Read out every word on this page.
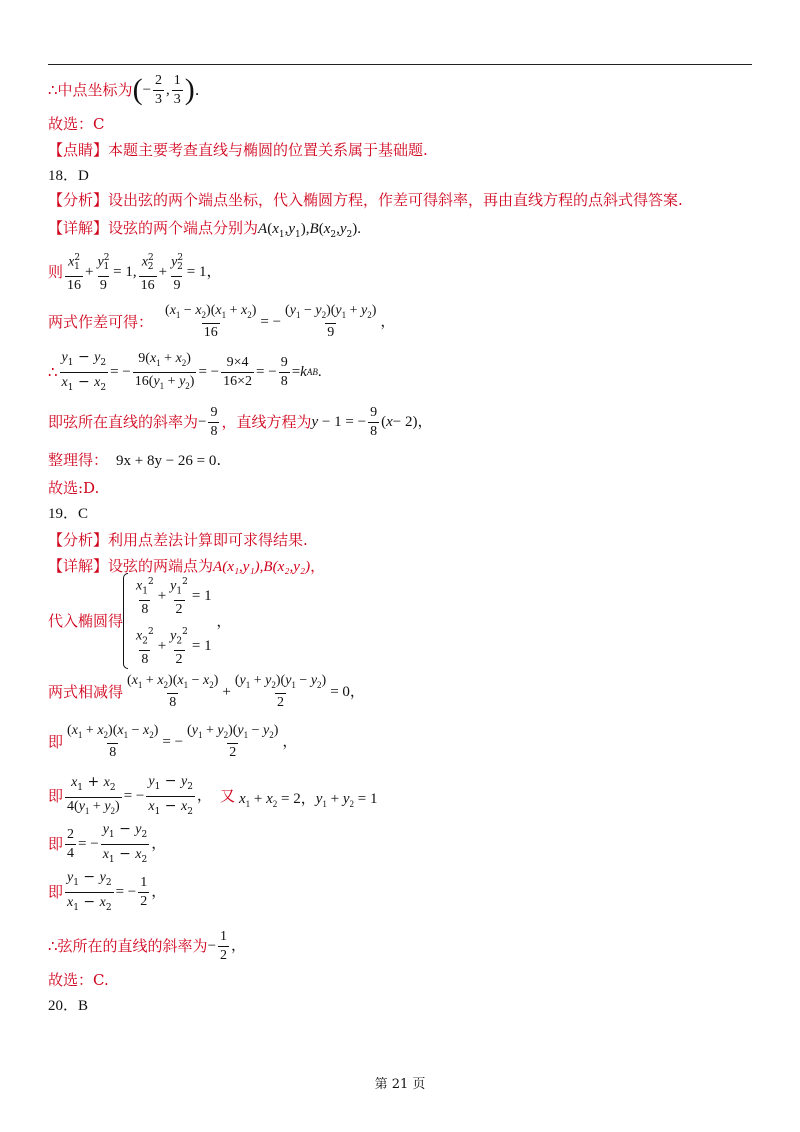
∴ 中点坐标为 ( − $\frac{2}{3}$ , $\frac{1}{3}$ ) .
故选：C
【点睛】本题主要考查直线与椭圆的位置关系属于基础题.
18．D
【分析】设出弦的两个端点坐标，代入椭圆方程，作差可得斜率，再由直线方程的点斜式得答案.
【详解】设弦的两个端点分别为$A(x_1,y_1),B(x_2,y_2)$.
则 $\frac{x^2_1}{16} + \frac{y^2_1}{9} = 1$, $\frac{x^2_2}{16} + \frac{y^2_2}{9} = 1$，
两式作差可得： $\frac{(x_1 - x_2)(x_1 + x_2)}{16}$ = − $\frac{(y_1 - y_2)(y_1 + y_2)}{9}$ ，
∴ $\frac{y_1 - y_2}{x_1 - x_2}$ = − $\frac{9(x_1 + x_2)}{16(y_1 + y_2)}$ = − $\frac{9\times 4}{16\times 2}$ = − $\frac{9}{8} = k$ AB .
即弦所在直线的斜率为 − $\frac{9}{8}$ ，直线方程为 y − 1 = − $\frac{9}{8}$ ( x − 2)，
整理得： 9x + 8y − 26 = 0.
故选:D.
19．C
【分析】利用点差法计算即可求得结果.
【详解】设弦的两端点为A(x₁,y₁),B(x₂,y₂)，
代入椭圆得
$\frac{x_1^2}{8} + \frac{y_1^2}{2} = 1$
$\frac{x_2^2}{8} + \frac{y_2^2}{2} = 1$
，
两式相减得 $\frac{(x_1 + x_2)(x_1 - x_2)}{8} + \frac{(y_1 + y_2)(y_1 - y_2)}{2} = 0$，
即 $\frac{(x_1 + x_2)(x_1 - x_2)}{8}$ = − $\frac{(y_1 + y_2)(y_1 - y_2)}{2}$ ，
即 $\frac{x_1 + x_2}{4(y_1 + y_2)}$ = − $\frac{y_1 - y_2}{x_1 - x_2}$ ， 又 $x_1 + x_2 = 2$，$y_1 + y_2 = 1$
即 $\frac{2}{4}$ = − $\frac{y_1 - y_2}{x_1 - x_2}$ ，
即 $\frac{y_1 - y_2}{x_1 - x_2}$ = − $\frac{1}{2}$ ，
∴ 弦所在的直线的斜率为 − $\frac{1}{2}$ ，
故选：C.
20．B
第 21 页
